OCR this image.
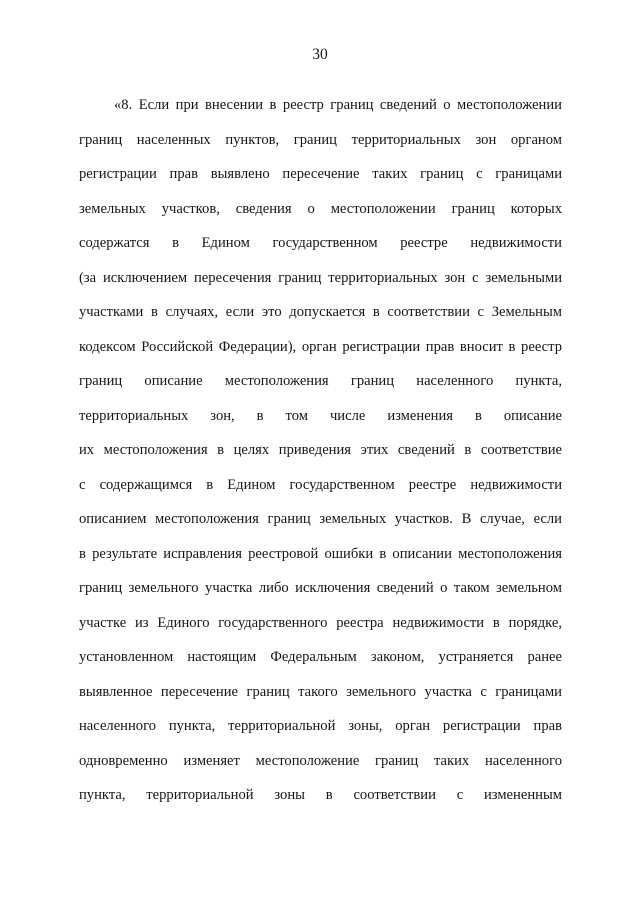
30
«8. Если при внесении в реестр границ сведений о местоположении
границ населенных пунктов, границ территориальных зон органом
регистрации прав выявлено пересечение таких границ с границами
земельных участков, сведения о местоположении границ которых
содержатся в Едином государственном реестре недвижимости
(за исключением пересечения границ территориальных зон с земельными
участками в случаях, если это допускается в соответствии с Земельным
кодексом Российской Федерации), орган регистрации прав вносит в реестр
границ описание местоположения границ населенного пункта,
территориальных зон, в том числе изменения в описание
их местоположения в целях приведения этих сведений в соответствие
с содержащимся в Едином государственном реестре недвижимости
описанием местоположения границ земельных участков. В случае, если
в результате исправления реестровой ошибки в описании местоположения
границ земельного участка либо исключения сведений о таком земельном
участке из Единого государственного реестра недвижимости в порядке,
установленном настоящим Федеральным законом, устраняется ранее
выявленное пересечение границ такого земельного участка с границами
населенного пункта, территориальной зоны, орган регистрации прав
одновременно изменяет местоположение границ таких населенного
пункта, территориальной зоны в соответствии с измененным
